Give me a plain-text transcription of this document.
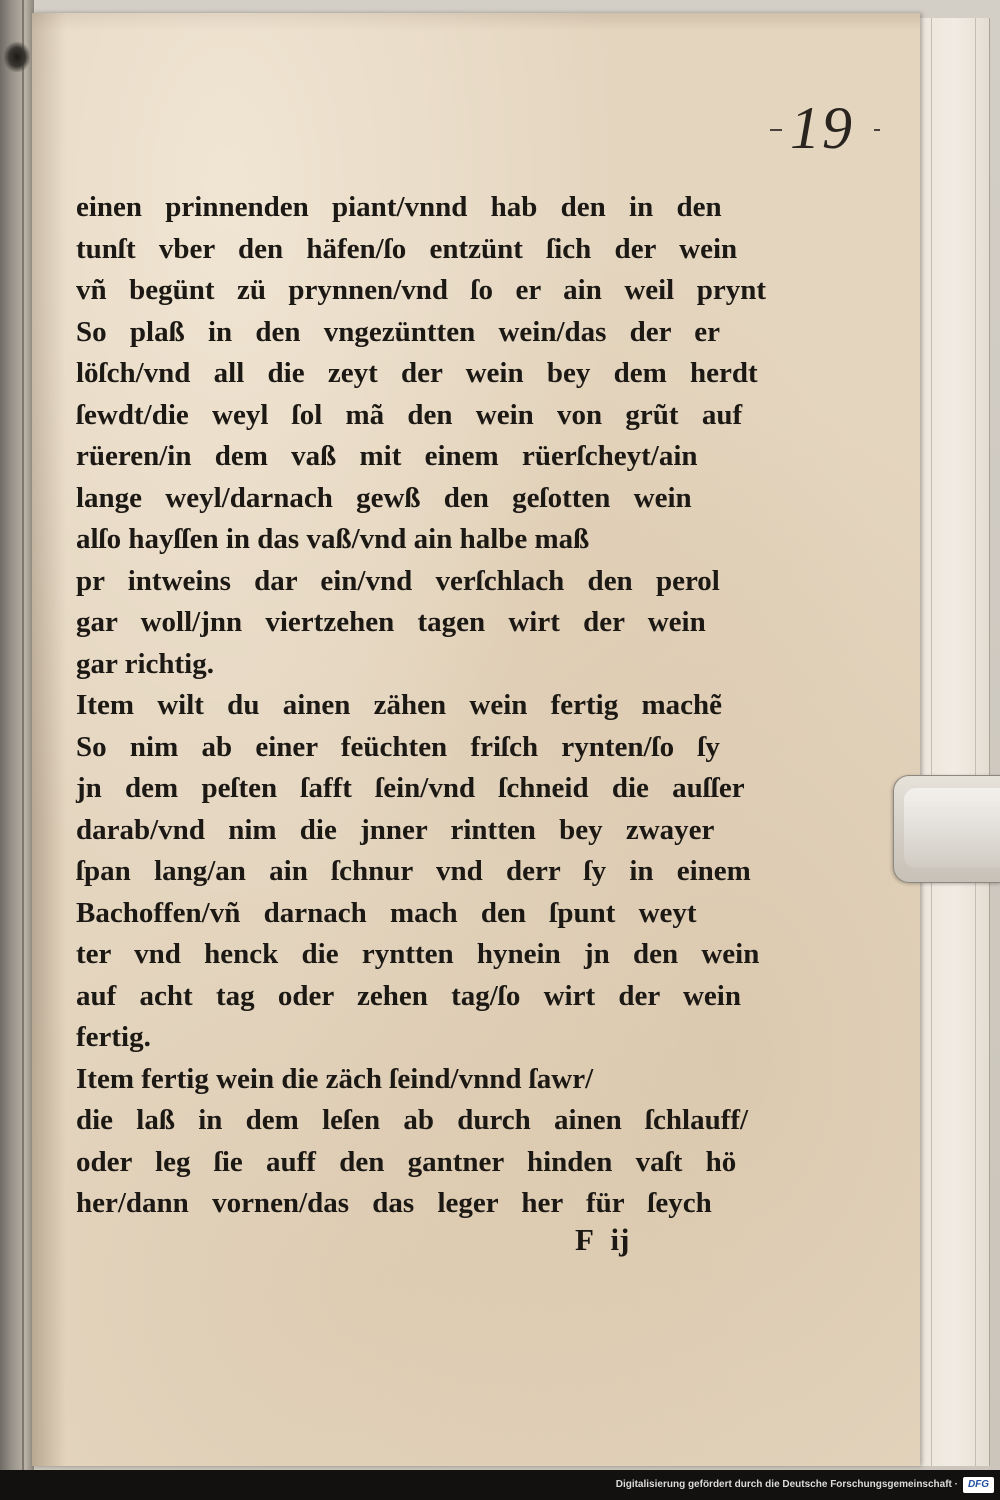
19
einen prinnenden piant/vnnd hab den in den
tunſt vber den häfen/ſo entzünt ſich der wein
vñ begünt zü prynnen/vnd ſo er ain weil prynt
So plaß in den vngezüntten wein/das der er
löſch/vnd all die zeyt der wein bey dem herdt
ſewdt/die weyl ſol mã den wein von grũt auf
rüeren/in dem vaß mit einem rüerſcheyt/ain
lange weyl/darnach gewß den geſotten wein
alſo hayſſen in das vaß/vnd ain halbe maß
pr intweins dar ein/vnd verſchlach den perol
gar woll/jnn viertzehen tagen wirt der wein
gar richtig.
Item wilt du ainen zähen wein fertig machẽ
So nim ab einer feüchten friſch rynten/ſo ſy
jn dem peſten ſafft ſein/vnd ſchneid die auſſer
darab/vnd nim die jnner rintten bey zwayer
ſpan lang/an ain ſchnur vnd derr ſy in einem
Bachoffen/vñ darnach mach den ſpunt weyt
ter vnd henck die ryntten hynein jn den wein
auf acht tag oder zehen tag/ſo wirt der wein
fertig.
Item fertig wein die zäch ſeind/vnnd ſawr/
die laß in dem leſen ab durch ainen ſchlauff/
oder leg ſie auff den gantner hinden vaſt hö
her/dann vornen/das das leger her für ſeych
F ij
Digitalisierung gefördert durch die Deutsche Forschungsgemeinschaft · DFG
